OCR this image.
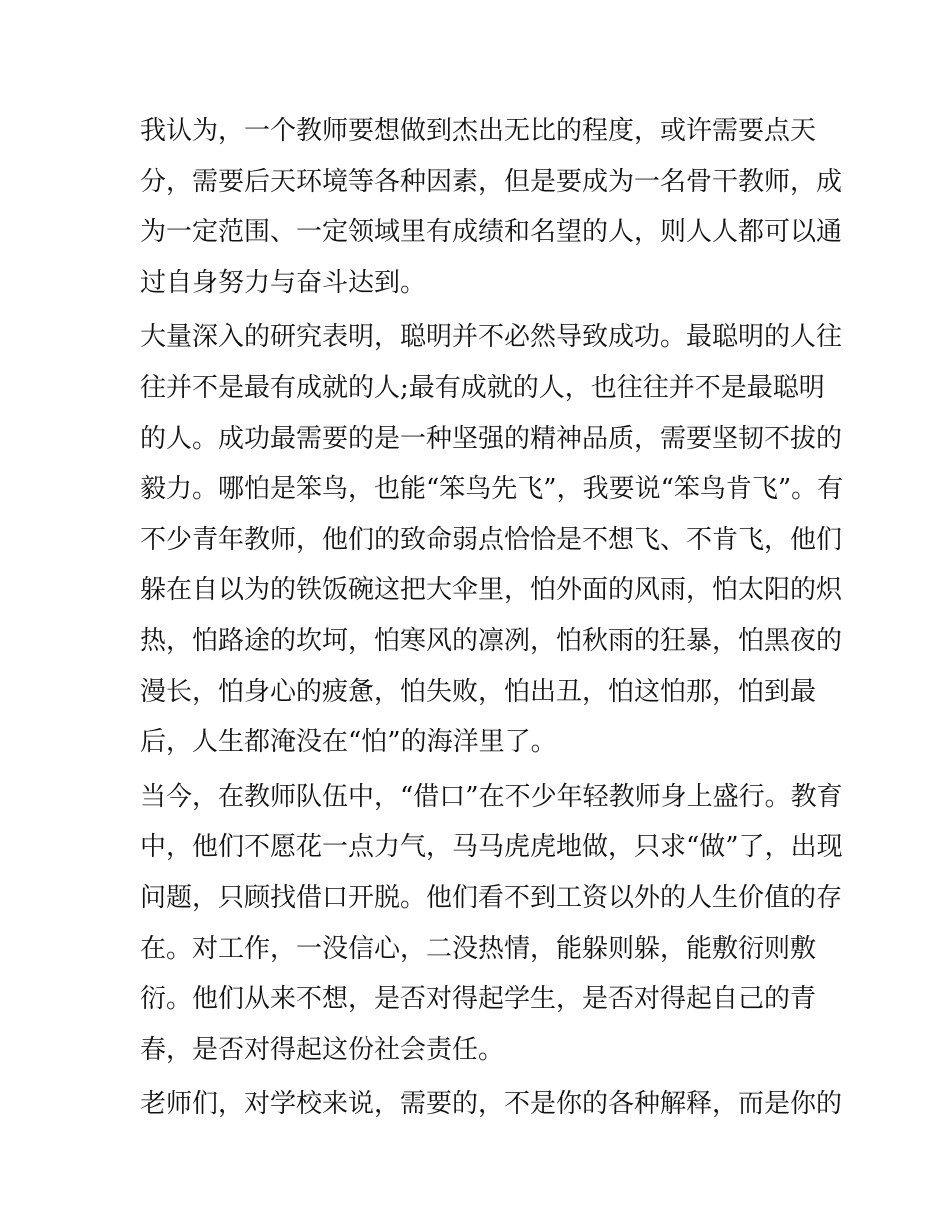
我认为，一个教师要想做到杰出无比的程度，或许需要点天
分，需要后天环境等各种因素，但是要成为一名骨干教师，成
为一定范围、一定领域里有成绩和名望的人，则人人都可以通
过自身努力与奋斗达到。
大量深入的研究表明，聪明并不必然导致成功。最聪明的人往
往并不是最有成就的人;最有成就的人，也往往并不是最聪明
的人。成功最需要的是一种坚强的精神品质，需要坚韧不拔的
毅力。哪怕是笨鸟，也能“笨鸟先飞”，我要说“笨鸟肯飞”。有
不少青年教师，他们的致命弱点恰恰是不想飞、不肯飞，他们
躲在自以为的铁饭碗这把大伞里，怕外面的风雨，怕太阳的炽
热，怕路途的坎坷，怕寒风的凛冽，怕秋雨的狂暴，怕黑夜的
漫长，怕身心的疲惫，怕失败，怕出丑，怕这怕那，怕到最
后，人生都淹没在“怕”的海洋里了。
当今，在教师队伍中，“借口”在不少年轻教师身上盛行。教育
中，他们不愿花一点力气，马马虎虎地做，只求“做”了，出现
问题，只顾找借口开脱。他们看不到工资以外的人生价值的存
在。对工作，一没信心，二没热情，能躲则躲，能敷衍则敷
衍。他们从来不想，是否对得起学生，是否对得起自己的青
春，是否对得起这份社会责任。
老师们，对学校来说，需要的，不是你的各种解释，而是你的
